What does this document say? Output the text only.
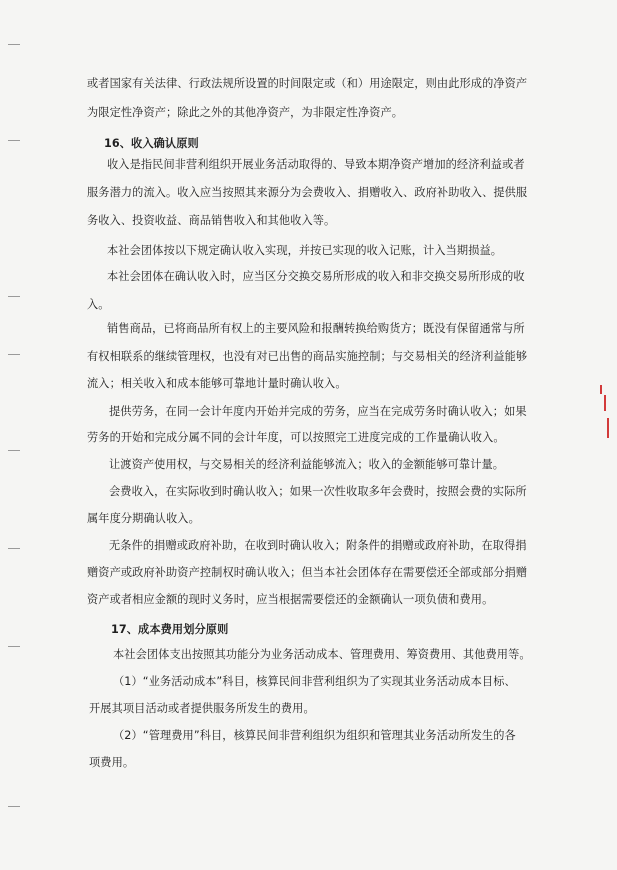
或者国家有关法律、行政法规所设置的时间限定或（和）用途限定，则由此形成的净资产
为限定性净资产；除此之外的其他净资产，为非限定性净资产。
16、收入确认原则
收入是指民间非营利组织开展业务活动取得的、导致本期净资产增加的经济利益或者
服务潜力的流入。收入应当按照其来源分为会费收入、捐赠收入、政府补助收入、提供服
务收入、投资收益、商品销售收入和其他收入等。
本社会团体按以下规定确认收入实现，并按已实现的收入记账，计入当期损益。
本社会团体在确认收入时，应当区分交换交易所形成的收入和非交换交易所形成的收
入。
销售商品，已将商品所有权上的主要风险和报酬转换给购货方；既没有保留通常与所
有权相联系的继续管理权，也没有对已出售的商品实施控制；与交易相关的经济利益能够
流入；相关收入和成本能够可靠地计量时确认收入。
提供劳务，在同一会计年度内开始并完成的劳务，应当在完成劳务时确认收入；如果
劳务的开始和完成分属不同的会计年度，可以按照完工进度完成的工作量确认收入。
让渡资产使用权，与交易相关的经济利益能够流入；收入的金额能够可靠计量。
会费收入，在实际收到时确认收入；如果一次性收取多年会费时，按照会费的实际所
属年度分期确认收入。
无条件的捐赠或政府补助，在收到时确认收入；附条件的捐赠或政府补助，在取得捐
赠资产或政府补助资产控制权时确认收入；但当本社会团体存在需要偿还全部或部分捐赠
资产或者相应金额的现时义务时，应当根据需要偿还的金额确认一项负债和费用。
17、成本费用划分原则
本社会团体支出按照其功能分为业务活动成本、管理费用、筹资费用、其他费用等。
（1）“业务活动成本”科目，核算民间非营利组织为了实现其业务活动成本目标、
开展其项目活动或者提供服务所发生的费用。
（2）“管理费用”科目，核算民间非营利组织为组织和管理其业务活动所发生的各
项费用。
